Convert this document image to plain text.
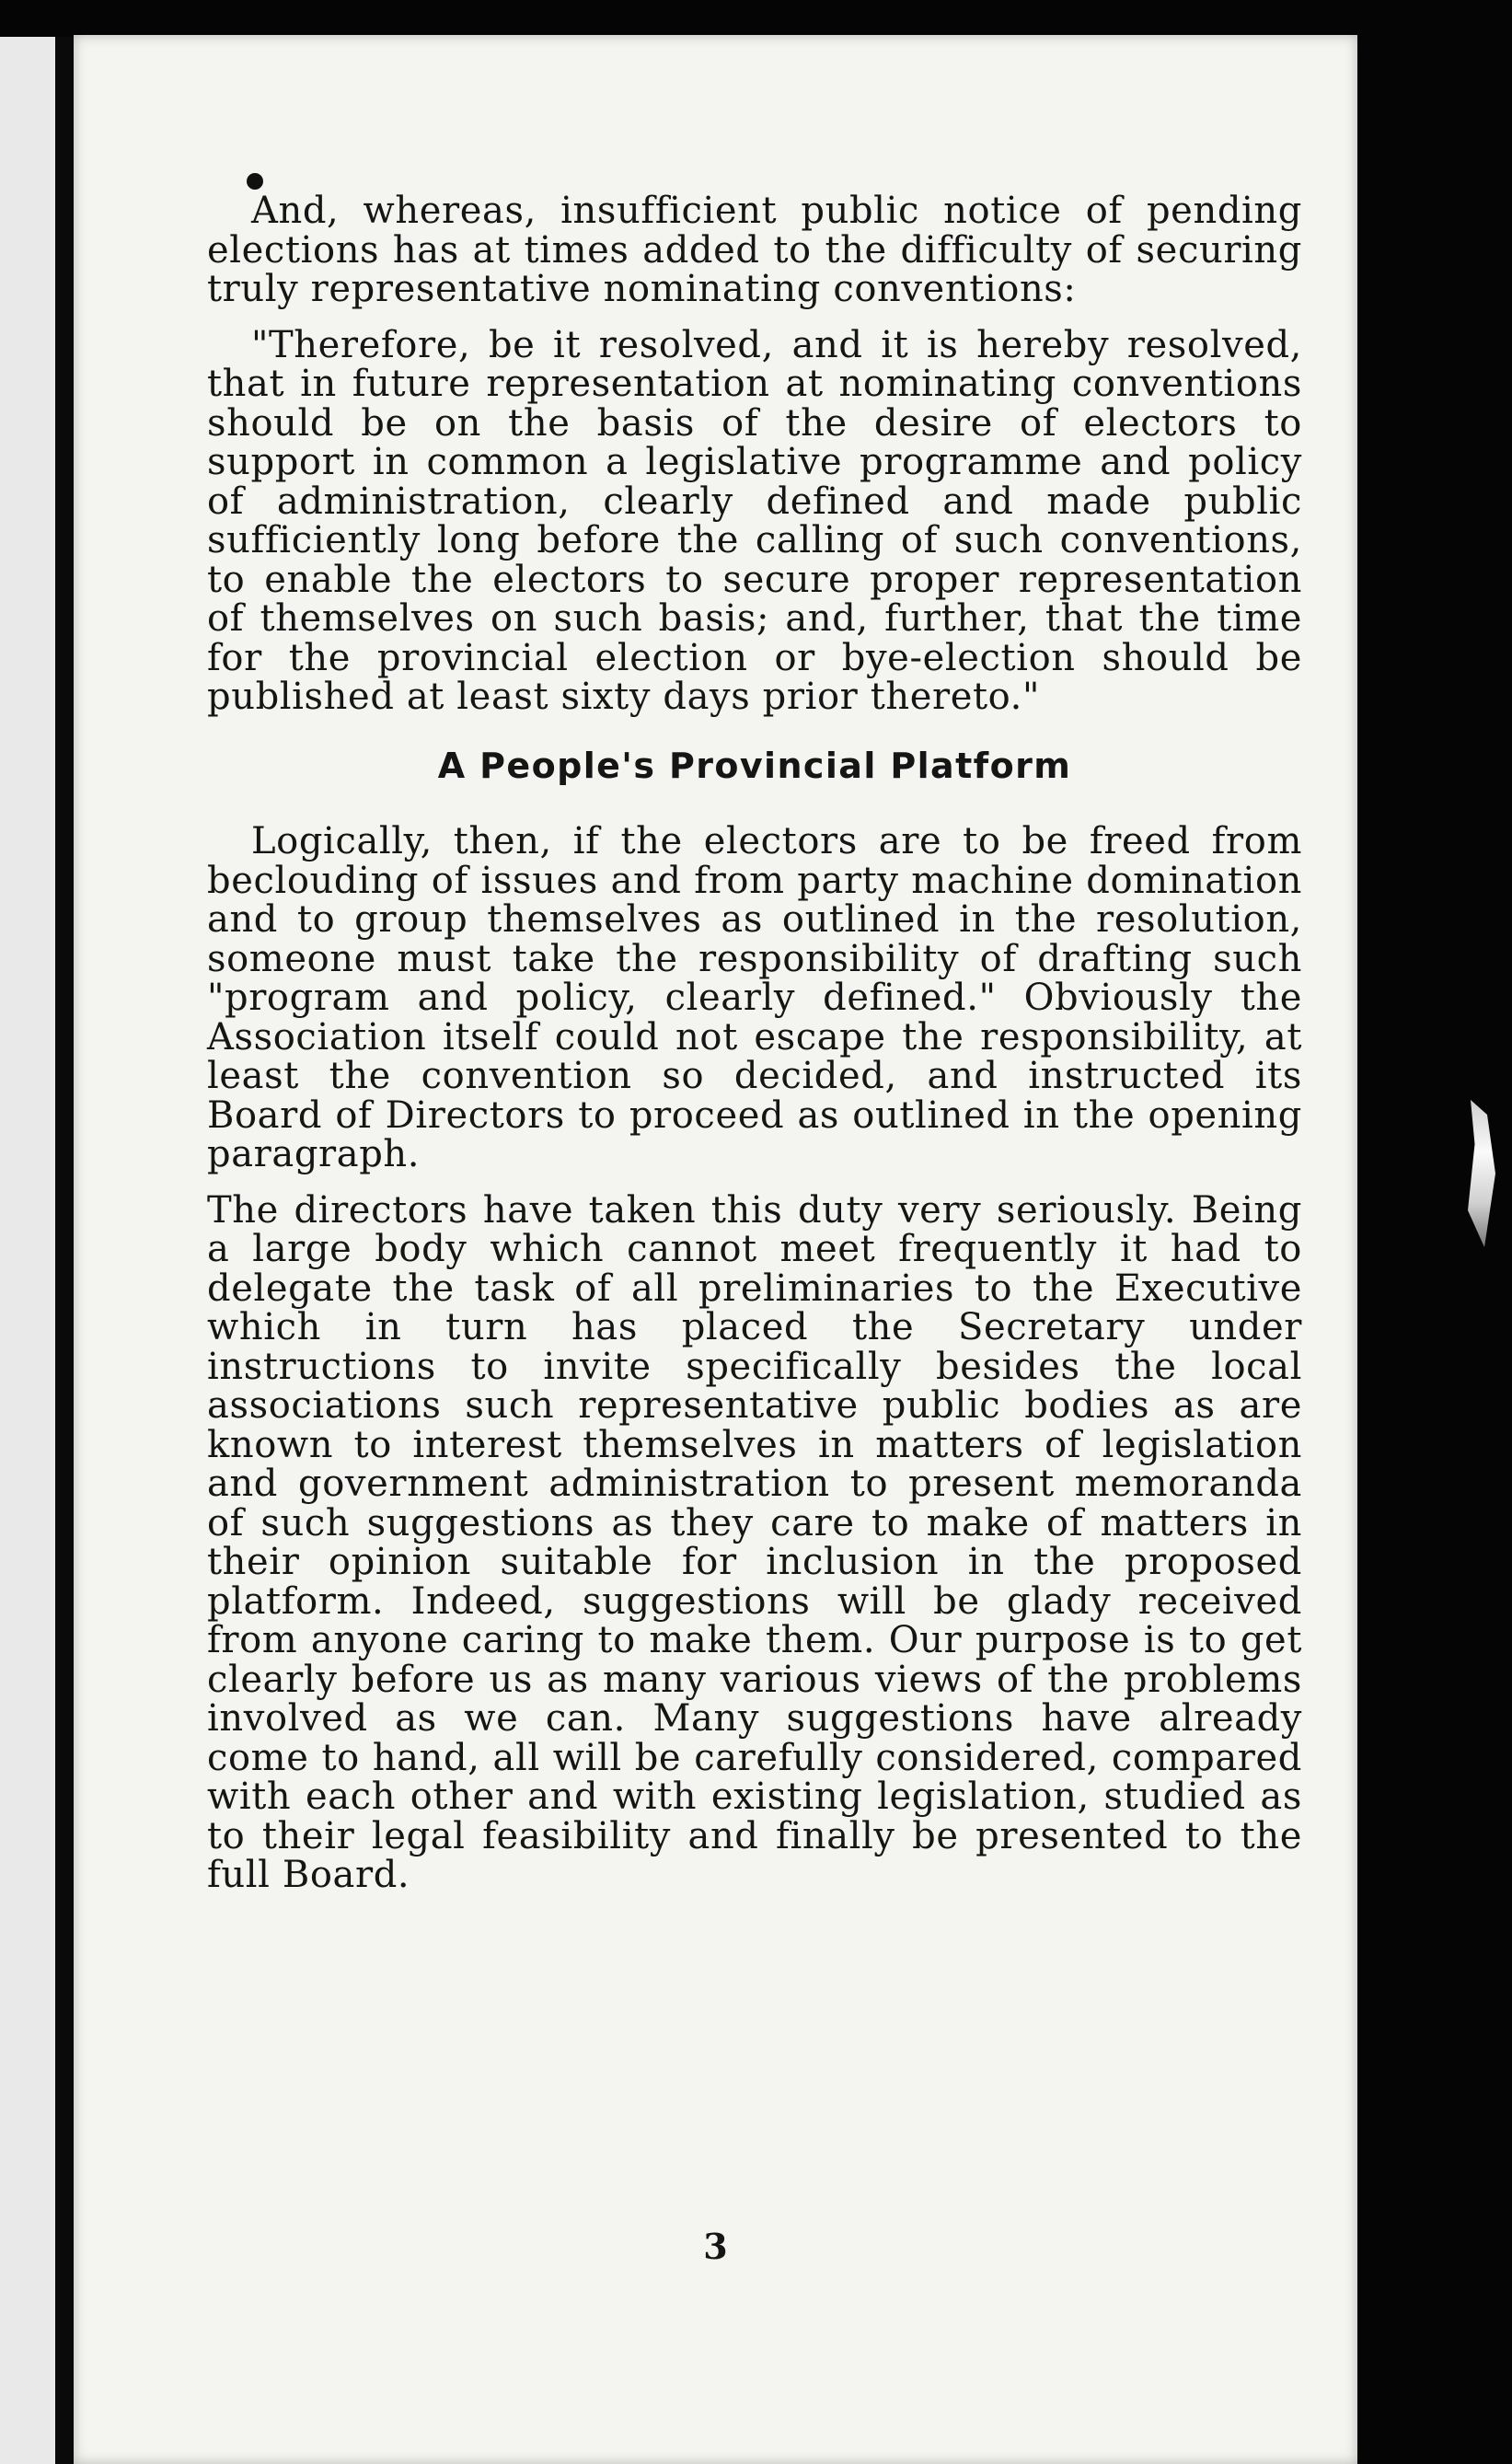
And, whereas, insufficient public notice of pending elections has at times added to the difficulty of securing truly representative nominating conventions:

"Therefore, be it resolved, and it is hereby resolved, that in future representation at nominating conventions should be on the basis of the desire of electors to support in common a legislative programme and policy of administration, clearly defined and made public sufficiently long before the calling of such conventions, to enable the electors to secure proper representation of themselves on such basis; and, further, that the time for the provincial election or bye-election should be published at least sixty days prior thereto."

A People's Provincial Platform

Logically, then, if the electors are to be freed from beclouding of issues and from party machine domination and to group themselves as outlined in the resolution, someone must take the responsibility of drafting such "program and policy, clearly defined." Obviously the Association itself could not escape the responsibility, at least the convention so decided, and instructed its Board of Directors to proceed as outlined in the opening paragraph.

The directors have taken this duty very seriously. Being a large body which cannot meet frequently it had to delegate the task of all preliminaries to the Executive which in turn has placed the Secretary under instructions to invite specifically besides the local associations such representative public bodies as are known to interest themselves in matters of legislation and government administration to present memoranda of such suggestions as they care to make of matters in their opinion suitable for inclusion in the proposed platform. Indeed, suggestions will be glady received from anyone caring to make them. Our purpose is to get clearly before us as many various views of the problems involved as we can. Many suggestions have already come to hand, all will be carefully considered, compared with each other and with existing legislation, studied as to their legal feasibility and finally be presented to the full Board.

3
